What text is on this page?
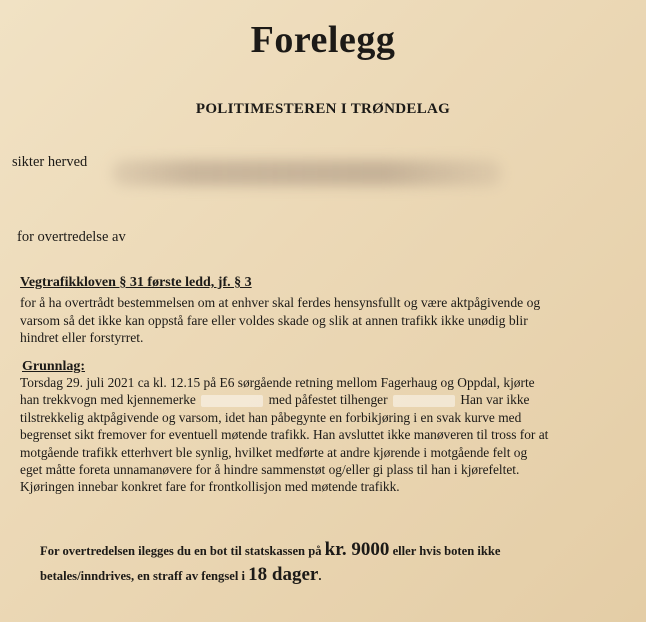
Forelegg
POLITIMESTEREN I TRØNDELAG
sikter herved
for overtredelse av
Vegtrafikkloven § 31 første ledd, jf. § 3
for å ha overtrådt bestemmelsen om at enhver skal ferdes hensynsfullt og være aktpågivende og
varsom så det ikke kan oppstå fare eller voldes skade og slik at annen trafikk ikke unødig blir
hindret eller forstyrret.
Grunnlag:
Torsdag 29. juli 2021 ca kl. 12.15 på E6 sørgående retning mellom Fagerhaug og Oppdal, kjørte
han trekkvogn med kjennemerke	med påfestet tilhenger	Han var ikke
tilstrekkelig aktpågivende og varsom, idet han påbegynte en forbikjøring i en svak kurve med
begrenset sikt fremover for eventuell møtende trafikk. Han avsluttet ikke manøveren til tross for at
motgående trafikk etterhvert ble synlig, hvilket medførte at andre kjørende i motgående felt og
eget måtte foreta unnamanøvere for å hindre sammenstøt og/eller gi plass til han i kjørefeltet.
Kjøringen innebar konkret fare for frontkollisjon med møtende trafikk.
For overtredelsen ilegges du en bot til statskassen på kr. 9000 eller hvis boten ikke
betales/inndrives, en straff av fengsel i 18 dager.
